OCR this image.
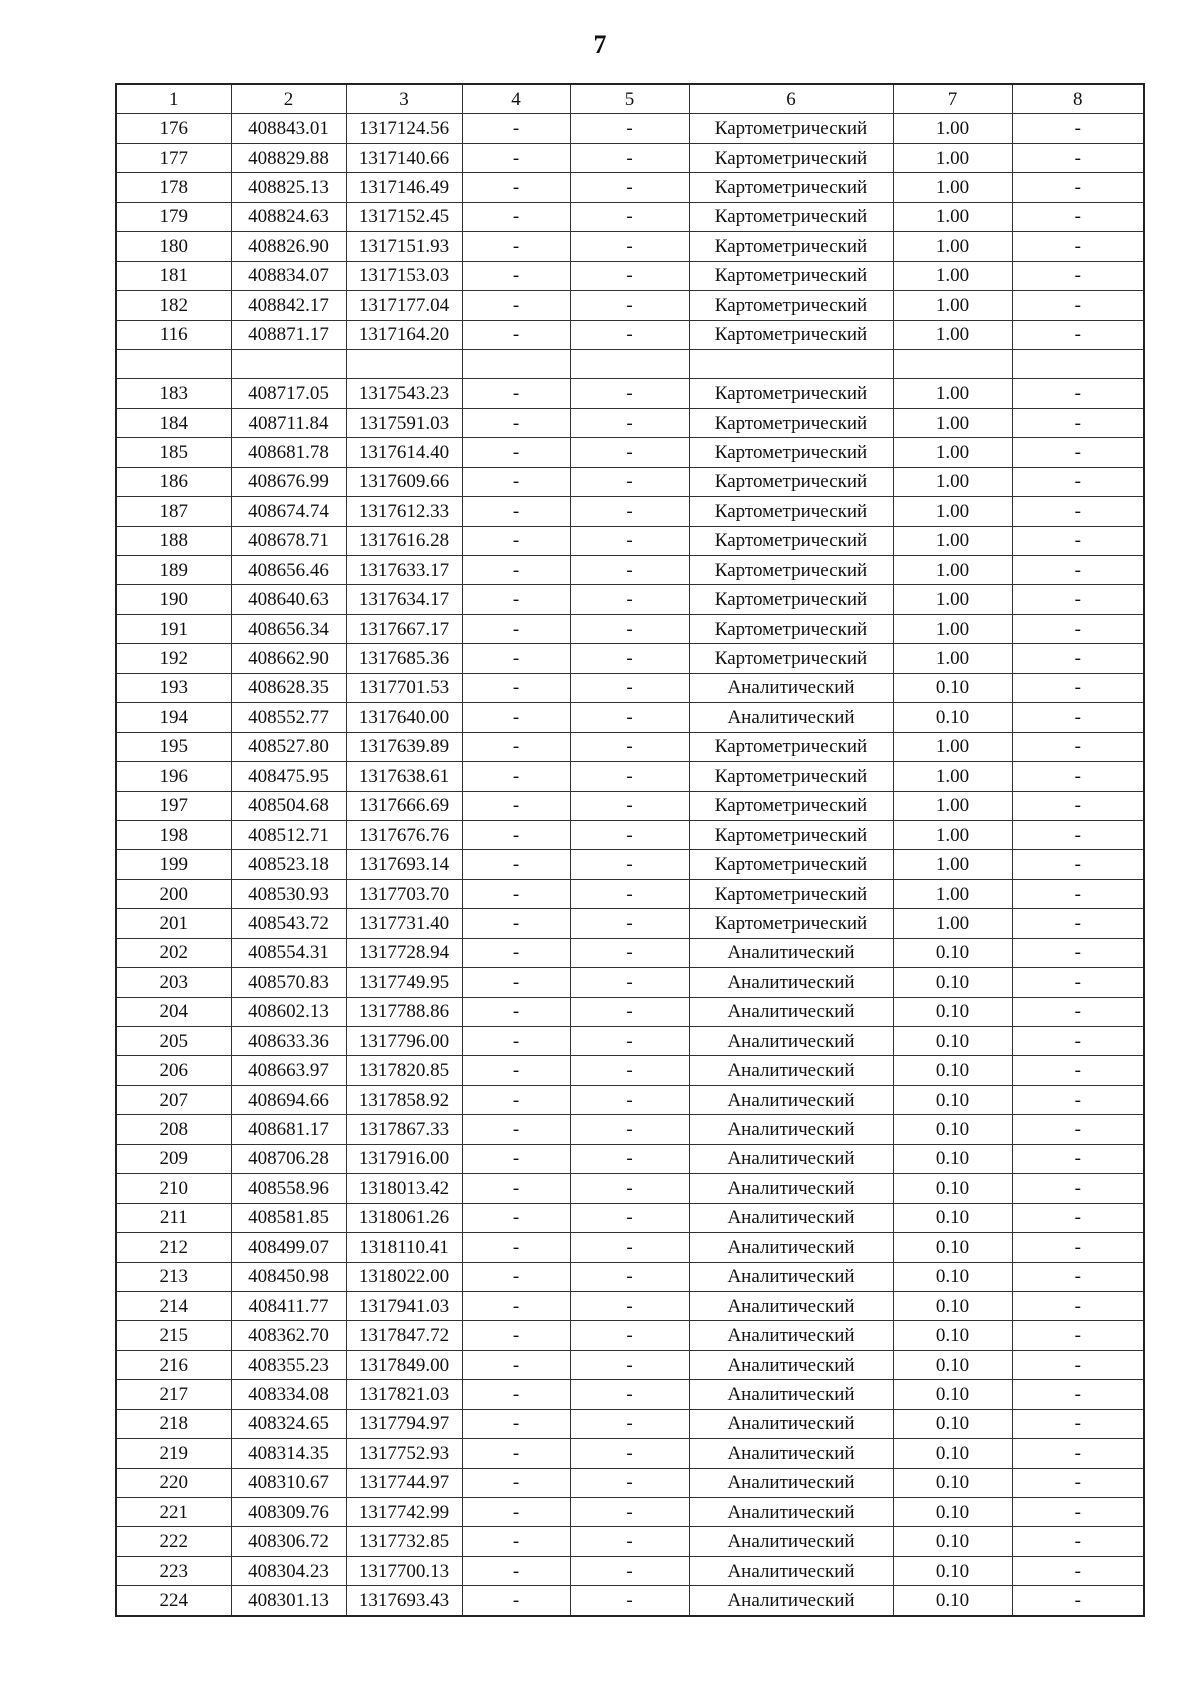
7
1	2	3	4	5	6	7	8
176	408843.01	1317124.56	-	-	Картометрический	1.00	-
177	408829.88	1317140.66	-	-	Картометрический	1.00	-
178	408825.13	1317146.49	-	-	Картометрический	1.00	-
179	408824.63	1317152.45	-	-	Картометрический	1.00	-
180	408826.90	1317151.93	-	-	Картометрический	1.00	-
181	408834.07	1317153.03	-	-	Картометрический	1.00	-
182	408842.17	1317177.04	-	-	Картометрический	1.00	-
116	408871.17	1317164.20	-	-	Картометрический	1.00	-

183	408717.05	1317543.23	-	-	Картометрический	1.00	-
184	408711.84	1317591.03	-	-	Картометрический	1.00	-
185	408681.78	1317614.40	-	-	Картометрический	1.00	-
186	408676.99	1317609.66	-	-	Картометрический	1.00	-
187	408674.74	1317612.33	-	-	Картометрический	1.00	-
188	408678.71	1317616.28	-	-	Картометрический	1.00	-
189	408656.46	1317633.17	-	-	Картометрический	1.00	-
190	408640.63	1317634.17	-	-	Картометрический	1.00	-
191	408656.34	1317667.17	-	-	Картометрический	1.00	-
192	408662.90	1317685.36	-	-	Картометрический	1.00	-
193	408628.35	1317701.53	-	-	Аналитический	0.10	-
194	408552.77	1317640.00	-	-	Аналитический	0.10	-
195	408527.80	1317639.89	-	-	Картометрический	1.00	-
196	408475.95	1317638.61	-	-	Картометрический	1.00	-
197	408504.68	1317666.69	-	-	Картометрический	1.00	-
198	408512.71	1317676.76	-	-	Картометрический	1.00	-
199	408523.18	1317693.14	-	-	Картометрический	1.00	-
200	408530.93	1317703.70	-	-	Картометрический	1.00	-
201	408543.72	1317731.40	-	-	Картометрический	1.00	-
202	408554.31	1317728.94	-	-	Аналитический	0.10	-
203	408570.83	1317749.95	-	-	Аналитический	0.10	-
204	408602.13	1317788.86	-	-	Аналитический	0.10	-
205	408633.36	1317796.00	-	-	Аналитический	0.10	-
206	408663.97	1317820.85	-	-	Аналитический	0.10	-
207	408694.66	1317858.92	-	-	Аналитический	0.10	-
208	408681.17	1317867.33	-	-	Аналитический	0.10	-
209	408706.28	1317916.00	-	-	Аналитический	0.10	-
210	408558.96	1318013.42	-	-	Аналитический	0.10	-
211	408581.85	1318061.26	-	-	Аналитический	0.10	-
212	408499.07	1318110.41	-	-	Аналитический	0.10	-
213	408450.98	1318022.00	-	-	Аналитический	0.10	-
214	408411.77	1317941.03	-	-	Аналитический	0.10	-
215	408362.70	1317847.72	-	-	Аналитический	0.10	-
216	408355.23	1317849.00	-	-	Аналитический	0.10	-
217	408334.08	1317821.03	-	-	Аналитический	0.10	-
218	408324.65	1317794.97	-	-	Аналитический	0.10	-
219	408314.35	1317752.93	-	-	Аналитический	0.10	-
220	408310.67	1317744.97	-	-	Аналитический	0.10	-
221	408309.76	1317742.99	-	-	Аналитический	0.10	-
222	408306.72	1317732.85	-	-	Аналитический	0.10	-
223	408304.23	1317700.13	-	-	Аналитический	0.10	-
224	408301.13	1317693.43	-	-	Аналитический	0.10	-
